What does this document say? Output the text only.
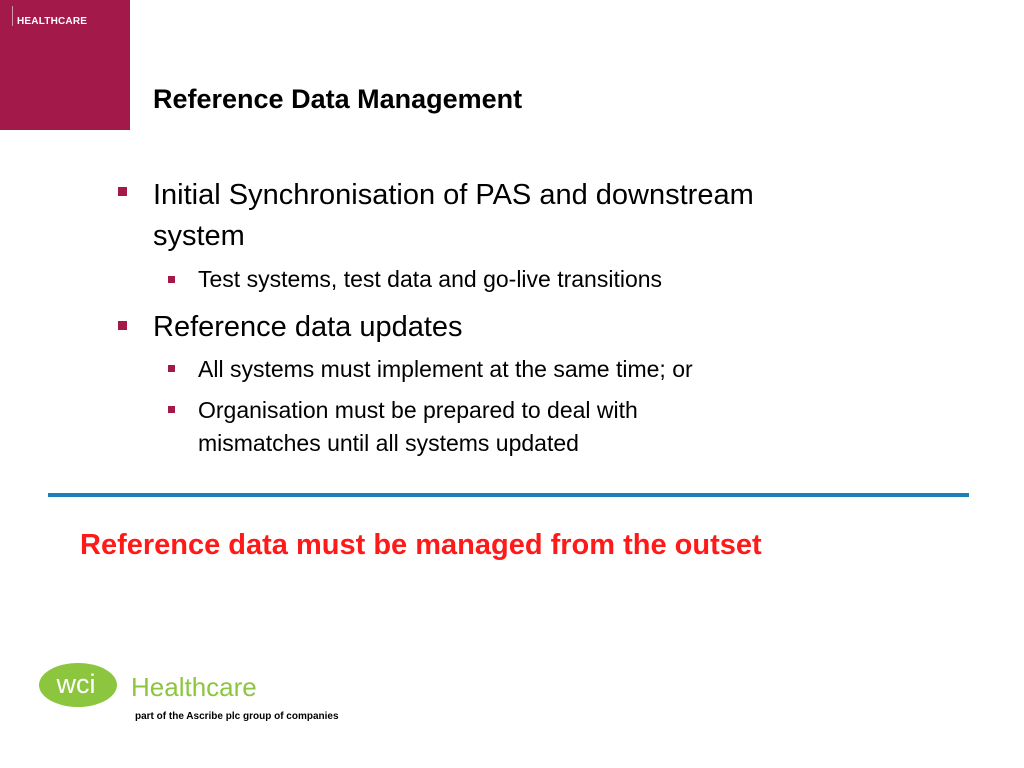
HEALTHCARE
Reference Data Management
Initial Synchronisation of PAS and downstream
system
Test systems, test data and go-live transitions
Reference data updates
All systems must implement at the same time; or
Organisation must be prepared to deal with
mismatches until all systems updated
Reference data must be managed from the outset
wci Healthcare
part of the Ascribe plc group of companies
